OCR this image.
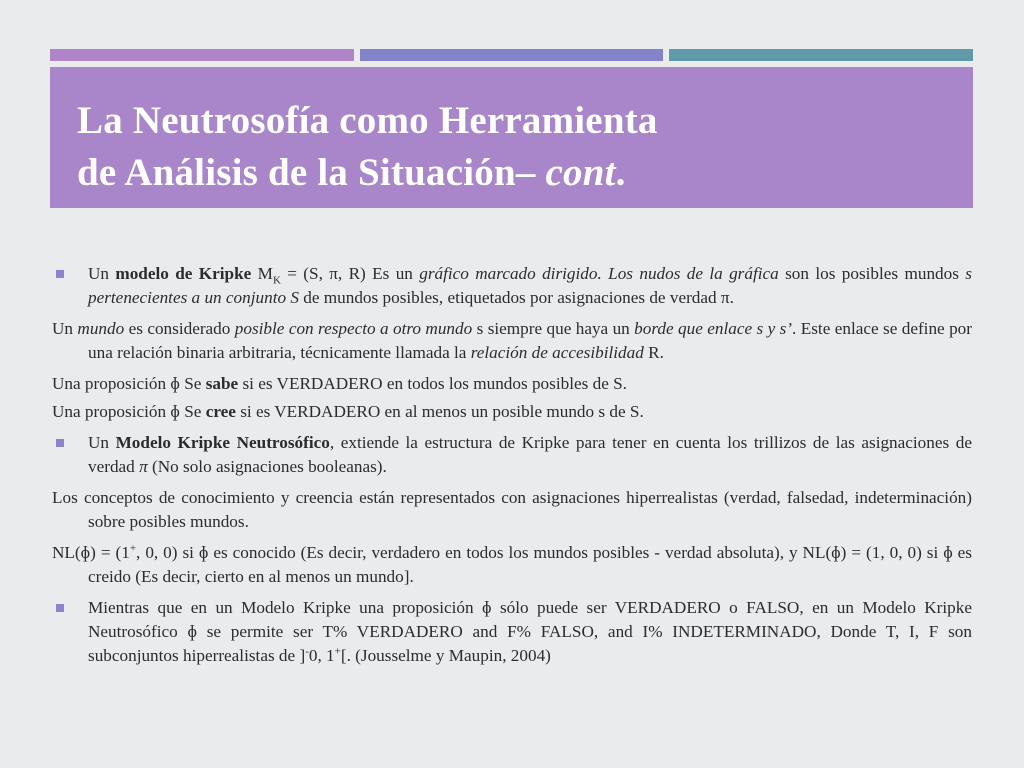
La Neutrosofía como Herramienta
de Análisis de la Situación– cont.
Un modelo de Kripke $M_K = (S$, π, R) Es un gráfico marcado dirigido. Los nudos de la gráfica son los posibles mundos s pertenecientes a un conjunto S de mundos posibles, etiquetados por asignaciones de verdad π.

Un mundo es considerado posible con respecto a otro mundo s siempre que haya un borde que enlace s y s’. Este enlace se define por una relación binaria arbitraria, técnicamente llamada la relación de accesibilidad R.

Una proposición ɸ Se sabe si es VERDADERO en todos los mundos posibles de S.

Una proposición ɸ Se cree si es VERDADERO en al menos un posible mundo s de S.

Un Modelo Kripke Neutrosófico, extiende la estructura de Kripke para tener en cuenta los trillizos de las asignaciones de verdad π (No solo asignaciones booleanas).

Los conceptos de conocimiento y creencia están representados con asignaciones hiperrealistas (verdad, falsedad, indeterminación) sobre posibles mundos.

NL(ɸ) = (1+, 0, 0) si ɸ es conocido (Es decir, verdadero en todos los mundos posibles - verdad absoluta), y NL(ɸ) = (1, 0, 0) si ɸ es creido (Es decir, cierto en al menos un mundo].

Mientras que en un Modelo Kripke una proposición ɸ sólo puede ser VERDADERO o FALSO, en un Modelo Kripke Neutrosófico ɸ se permite ser T% VERDADERO and F% FALSO, and I% INDETERMINADO, Donde T, I, F son subconjuntos hiperrealistas de ]-0, 1+[. (Jousselme y Maupin, 2004)
